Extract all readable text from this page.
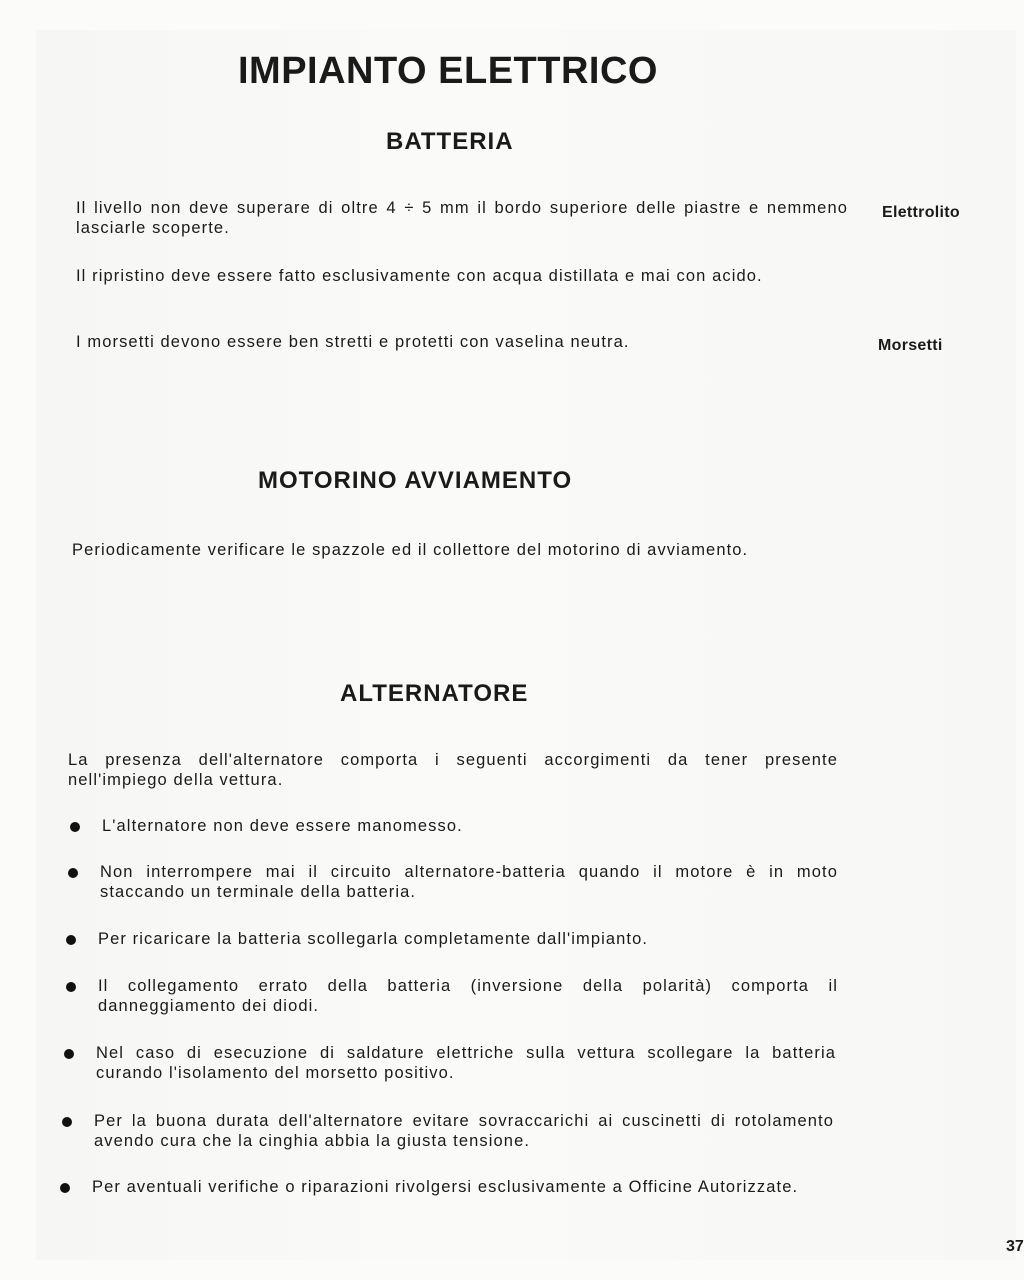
IMPIANTO ELETTRICO
BATTERIA

Il livello non deve superare di oltre 4 ÷ 5 mm il bordo superiore delle piastre e nemmeno lasciarle scoperte.

Elettrolito

Il ripristino deve essere fatto esclusivamente con acqua distillata e mai con acido.

I morsetti devono essere ben stretti e protetti con vaselina neutra.	Morsetti
MOTORINO AVVIAMENTO

Periodicamente verificare le spazzole ed il collettore del motorino di avviamento.

ALTERNATORE

La presenza dell'alternatore comporta i seguenti accorgimenti da tener presente nell'impiego della vettura.

L'alternatore non deve essere manomesso.
Non interrompere mai il circuito alternatore-batteria quando il motore è in moto staccando un terminale della batteria.
Per ricaricare la batteria scollegarla completamente dall'impianto.
Il collegamento errato della batteria (inversione della polarità) comporta il danneggiamento dei diodi.
Nel caso di esecuzione di saldature elettriche sulla vettura scollegare la batteria curando l'isolamento del morsetto positivo.
Per la buona durata dell'alternatore evitare sovraccarichi ai cuscinetti di rotolamento avendo cura che la cinghia abbia la giusta tensione.
Per aventuali verifiche o riparazioni rivolgersi esclusivamente a Officine Autorizzate.
37
